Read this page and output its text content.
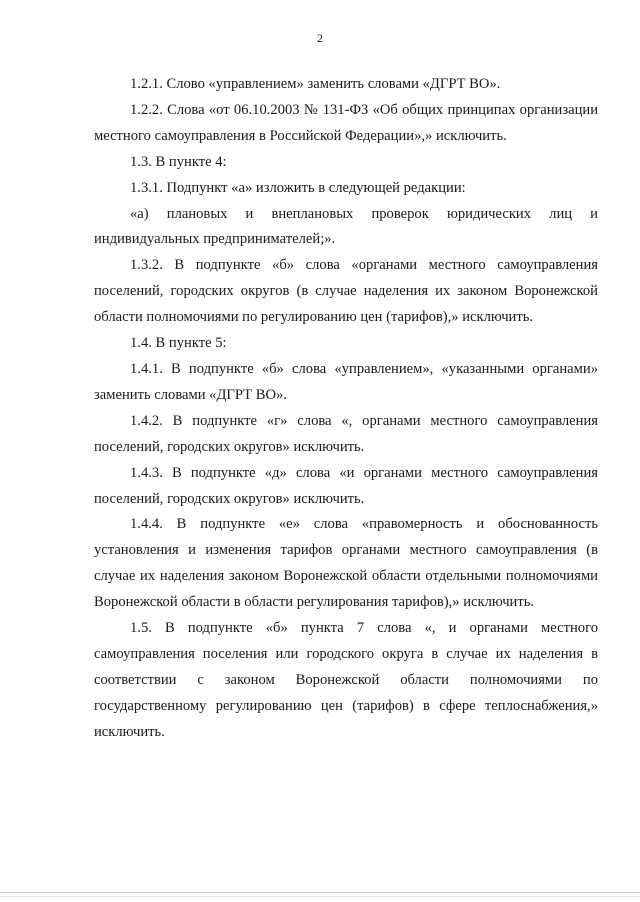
2

1.2.1. Слово «управлением» заменить словами «ДГРТ ВО».

1.2.2. Слова «от 06.10.2003 № 131-ФЗ «Об общих принципах организации местного самоуправления в Российской Федерации»,» исключить.

1.3. В пункте 4:

1.3.1. Подпункт «а» изложить в следующей редакции:

«а) плановых и внеплановых проверок юридических лиц и индивидуальных предпринимателей;».

1.3.2. В подпункте «б» слова «органами местного самоуправления поселений, городских округов (в случае наделения их законом Воронежской области полномочиями по регулированию цен (тарифов),» исключить.

1.4. В пункте 5:

1.4.1. В подпункте «б» слова «управлением», «указанными органами» заменить словами «ДГРТ ВО».

1.4.2. В подпункте «г» слова «, органами местного самоуправления поселений, городских округов» исключить.

1.4.3. В подпункте «д» слова «и органами местного самоуправления поселений, городских округов» исключить.

1.4.4. В подпункте «е» слова «правомерность и обоснованность установления и изменения тарифов органами местного самоуправления (в случае их наделения законом Воронежской области отдельными полномочиями Воронежской области в области регулирования тарифов),» исключить.

1.5. В подпункте «б» пункта 7 слова «, и органами местного самоуправления поселения или городского округа в случае их наделения в соответствии с законом Воронежской области полномочиями по государственному регулированию цен (тарифов) в сфере теплоснабжения,» исключить.
